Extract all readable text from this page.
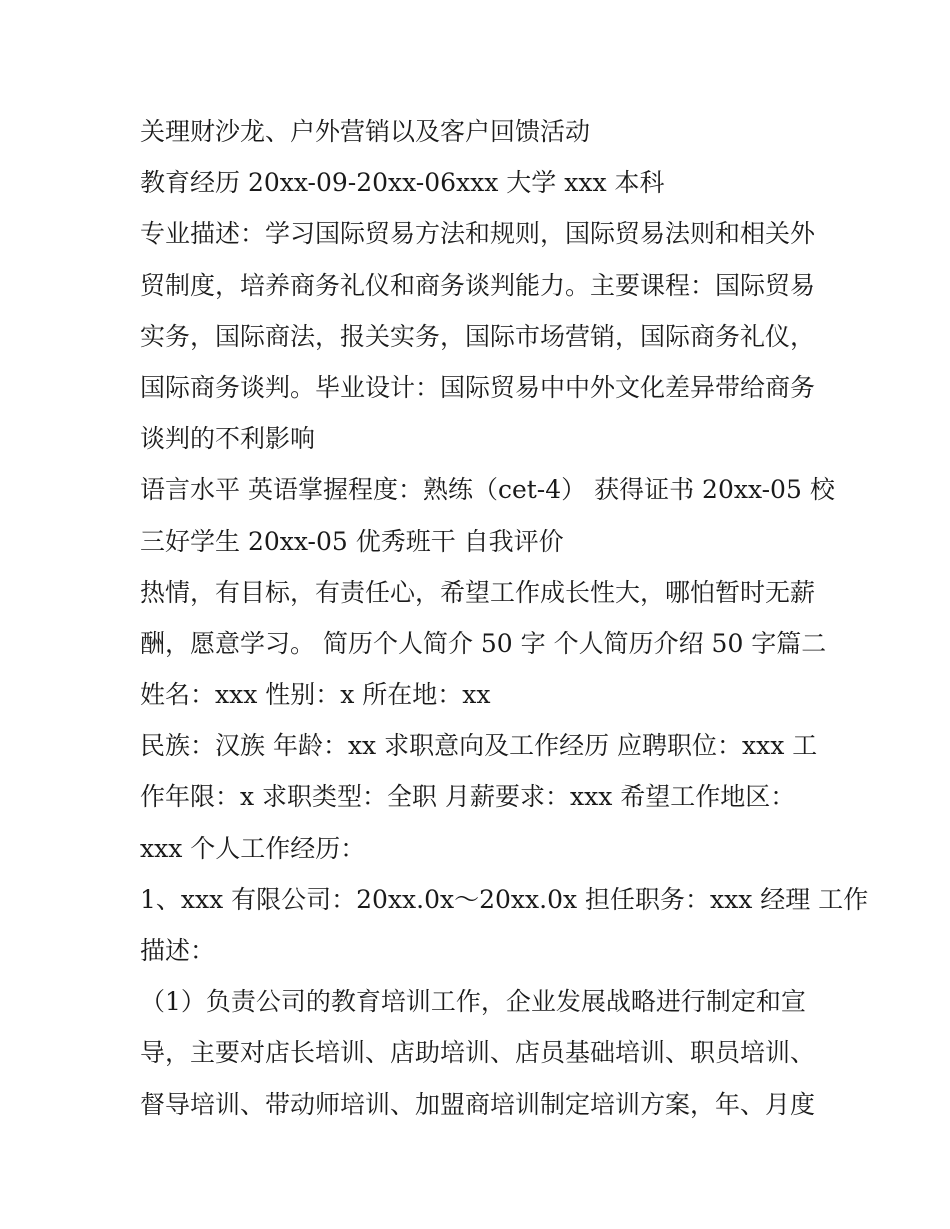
关理财沙龙、户外营销以及客户回馈活动
教育经历 20xx-09-20xx-06xxx 大学 xxx 本科
专业描述：学习国际贸易方法和规则，国际贸易法则和相关外
贸制度，培养商务礼仪和商务谈判能力。主要课程：国际贸易
实务，国际商法，报关实务，国际市场营销，国际商务礼仪，
国际商务谈判。毕业设计：国际贸易中中外文化差异带给商务
谈判的不利影响
语言水平 英语掌握程度：熟练（cet-4） 获得证书 20xx-05 校
三好学生 20xx-05 优秀班干 自我评价
热情，有目标，有责任心，希望工作成长性大，哪怕暂时无薪
酬，愿意学习。 简历个人简介 50 字 个人简历介绍 50 字篇二
姓名：xxx 性别：x 所在地：xx
民族：汉族 年龄：xx 求职意向及工作经历 应聘职位：xxx 工
作年限：x 求职类型：全职 月薪要求：xxx 希望工作地区：
xxx 个人工作经历：
1、xxx 有限公司：20xx.0x～20xx.0x 担任职务：xxx 经理 工作
描述：
（1）负责公司的教育培训工作，企业发展战略进行制定和宣
导，主要对店长培训、店助培训、店员基础培训、职员培训、
督导培训、带动师培训、加盟商培训制定培训方案，年、月度
